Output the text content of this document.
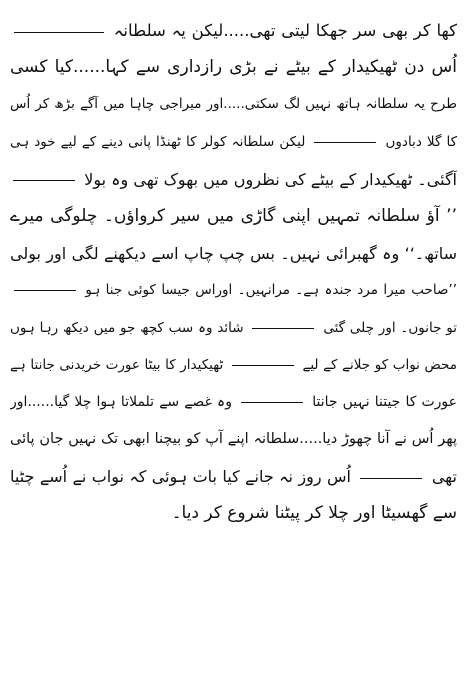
کھا کر بھی سر جھکا لیتی تھی.....لیکن یہ سلطانہ
اُس دن ٹھیکیدار کے بیٹے نے بڑی رازداری سے کہا......کیا کسی
طرح یہ سلطانہ ہاتھ نہیں لگ سکتی.....اور میراجی چاہا میں آگے بڑھ کر اُس
کا گلا دبادوں  لیکن سلطانہ کولر کا ٹھنڈا پانی دینے کے لیے خود ہی
آگئی۔ ٹھیکیدار کے بیٹے کی نظروں میں بھوک تھی وہ بولا
’’ آؤ سلطانہ تمہیں اپنی گاڑی میں سیر کرواؤں۔ چلوگی میرے
ساتھ۔‘‘ وہ گھبرائی نہیں۔ بس چپ چاپ اسے دیکھنے لگی اور بولی
’’صاحب میرا مرد جندہ ہے۔ مرانہیں۔ اوراس جیسا کوئی جنا ہو
تو جانوں۔ اور چلی گئی  شائد وہ سب کچھ جو میں دیکھ رہا ہوں
محض نواب کو جلانے کے لیے  ٹھیکیدار کا بیٹا عورت خریدنی جانتا ہے
عورت کا جیتنا نہیں جانتا  وہ غصے سے تلملاتا ہوا چلا گیا......اور
پھر اُس نے آنا چھوڑ دیا.....سلطانہ اپنے آپ کو بیچنا ابھی تک نہیں جان پائی
تھی  اُس روز نہ جانے کیا بات ہوئی کہ نواب نے اُسے چٹیا
سے گھسیٹا اور چلا کر پیٹنا شروع کر دیا۔
